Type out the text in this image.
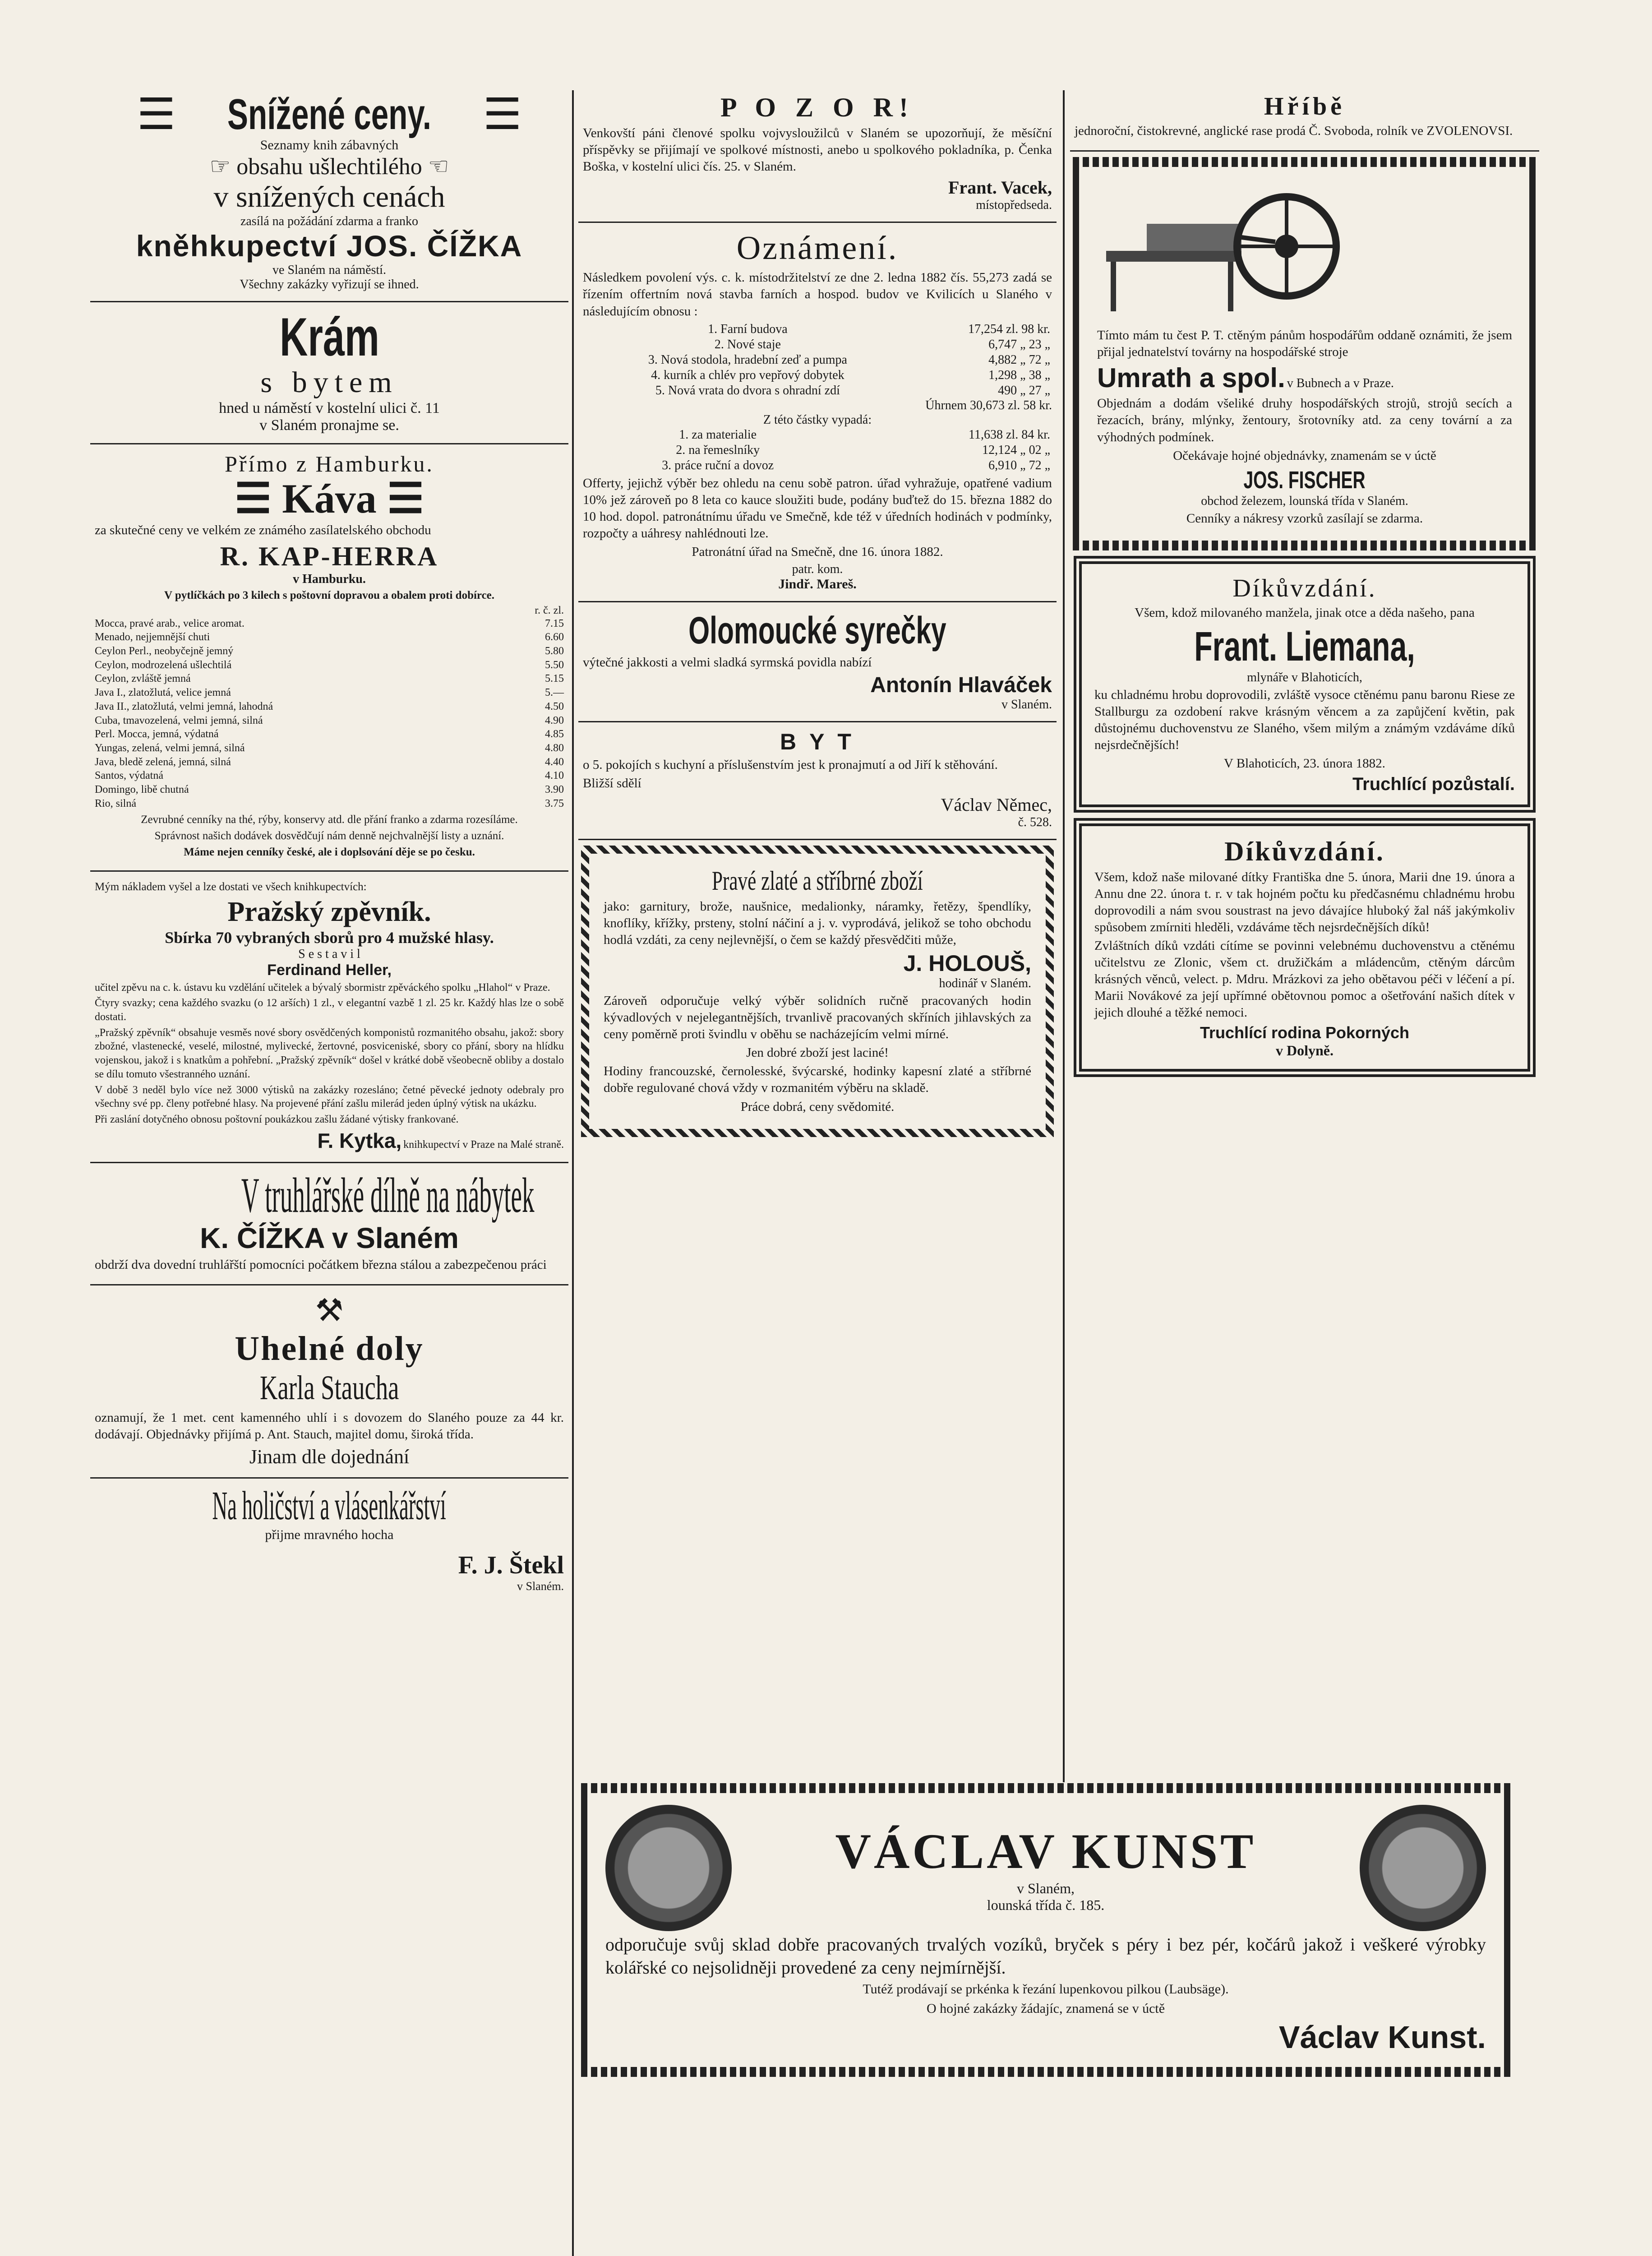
☰ Snížené ceny. ☰
Seznamy knih zábavných
☞ obsahu ušlechtilého ☜
v snížených cenách
zasílá na požádání zdarma a franko
kněhkupectví JOS. ČÍŽKA
ve Slaném na náměstí.
Všechny zakázky vyřizují se ihned.
Krám
s bytem
hned u náměstí v kostelní ulici č. 11
v Slaném pronajme se.
Přímo z Hamburku.
☰ Káva ☰
za skutečné ceny ve velkém ze známého zasílatelského obchodu
R. KAP-HERRA
v Hamburku.
V pytlíčkách po 3 kilech s poštovní dopravou a obalem proti dobírce.
r. č. zl.
Mocca, pravé arab., velice aromat.	7.15
Menado, nejjemnější chuti	6.60
Ceylon Perl., neobyčejně jemný	5.80
Ceylon, modrozelená ušlechtilá	5.50
Ceylon, zvláště jemná	5.15
Java I., zlatožlutá, velice jemná	5.—
Java II., zlatožlutá, velmi jemná, lahodná	4.50
Cuba, tmavozelená, velmi jemná, silná	4.90
Perl. Mocca, jemná, výdatná	4.85
Yungas, zelená, velmi jemná, silná	4.80
Java, bledě zelená, jemná, silná	4.40
Santos, výdatná	4.10
Domingo, libě chutná	3.90
Rio, silná	3.75
Zevrubné cenníky na thé, rýby, konservy atd. dle přání franko a zdarma rozesíláme.
Správnost našich dodávek dosvědčují nám denně nejchvalnější listy a uznání.
Máme nejen cenníky české, ale i doplsování děje se po česku.
Mým nákladem vyšel a lze dostati ve všech knihkupectvích:
Pražský zpěvník.
Sbírka 70 vybraných sborů pro 4 mužské hlasy.
S e s t a v i l
Ferdinand Heller,
učitel zpěvu na c. k. ústavu ku vzdělání učitelek a bývalý sbormistr zpěváckého spolku „Hlahol“ v Praze.
Čtyry svazky; cena každého svazku (o 12 arších) 1 zl., v elegantní vazbě 1 zl. 25 kr. Každý hlas lze o sobě dostati.
„Pražský zpěvník“ obsahuje vesměs nové sbory osvědčených komponistů rozmanitého obsahu, jakož: sbory zbožné, vlastenecké, veselé, milostné, mylivecké, žertovné, posviceniské, sbory co přání, sbory na hlídku vojenskou, jakož i s knatkům a pohřební. „Pražský zpěvník“ došel v krátké době všeobecně obliby a dostalo se dílu tomuto všestranného uznání.
V době 3 neděl bylo více než 3000 výtisků na zakázky rozesláno; četné pěvecké jednoty odebraly pro všechny své pp. členy potřebné hlasy. Na projevené přání zašlu milerád jeden úplný výtisk na ukázku.
Při zaslání dotyčného obnosu poštovní poukázkou zašlu žádané výtisky frankované.
F. Kytka, knihkupectví v Praze na Malé straně.
V truhlářské dílně na nábytek
K. ČÍŽKA v Slaném
obdrží dva dovední truhlářští pomocníci počátkem března stálou a zabezpečenou práci
⚒
Uhelné doly
Karla Staucha
oznamují, že 1 met. cent kamenného uhlí i s dovozem do Slaného pouze za 44 kr. dodávají. Objednávky přijímá p. Ant. Stauch, majitel domu, široká třída.
Jinam dle dojednání
Na holičství a vlásenkářství
přijme mravného hocha
F. J. Štekl
v Slaném.
P O Z O R!
Venkovští páni členové spolku vojvysloužilců v Slaném se upozorňují, že měsíční příspěvky se přijímají ve spolkové místnosti, anebo u spolkového pokladníka, p. Čenka Boška, v kostelní ulici čís. 25. v Slaném.
Frant. Vacek,
místopředseda.
Oznámení.
Následkem povolení výs. c. k. místodržitelství ze dne 2. ledna 1882 čís. 55,273 zadá se řízením offertním nová stavba farních a hospod. budov ve Kvilicích u Slaného v následujícím obnosu :
1. Farní budova	17,254 zl. 98 kr.
2. Nové staje	6,747 „ 23 „
3. Nová stodola, hradební zeď a pumpa	4,882 „ 72 „
4. kurník a chlév pro vepřový dobytek	1,298 „ 38 „
5. Nová vrata do dvora s ohradní zdí	490 „ 27 „
Úhrnem 30,673 zl. 58 kr.
Z této částky vypadá:
1. za materialie	11,638 zl. 84 kr.
2. na řemeslníky	12,124 „ 02 „
3. práce ruční a dovoz	6,910 „ 72 „
Offerty, jejichž výběr bez ohledu na cenu sobě patron. úřad vyhražuje, opatřené vadium 10% jež zároveň po 8 leta co kauce sloužiti bude, podány buďtež do 15. března 1882 do 10 hod. dopol. patronátnímu úřadu ve Smečně, kde též v úředních hodinách v podmínky, rozpočty a uáhresy nahlédnouti lze.
Patronátní úřad na Smečně, dne 16. února 1882.
patr. kom.
Jindř. Mareš.
Olomoucké syrečky
výtečné jakkosti a velmi sladká syrmská povidla nabízí
Antonín Hlaváček
v Slaném.
B Y T
o 5. pokojích s kuchyní a příslušenstvím jest k pronajmutí a od Jiří k stěhování.
Bližší sdělí
Václav Němec,
č. 528.
Pravé zlaté a stříbrné zboží
jako: garnitury, brože, naušnice, medalionky, náramky, řetězy, špendlíky, knoflíky, křížky, prsteny, stolní náčiní a j. v. vyprodává, jelikož se toho obchodu hodlá vzdáti, za ceny nejlevnější, o čem se každý přesvědčiti může,
J. HOLOUŠ,
hodinář v Slaném.
Zároveň odporučuje velký výběr solidních ručně pracovaných hodin kývadlových v nejelegantnějších, trvanlivě pracovaných skříních jihlavských za ceny poměrně proti švindlu v oběhu se nacházejícím velmi mírné.
Jen dobré zboží jest laciné!
Hodiny francouzské, černolesské, švýcarské, hodinky kapesní zlaté a stříbrné dobře regulované chová vždy v rozmanitém výběru na skladě.
Práce dobrá, ceny svědomité.
Hříbě
jednoroční, čistokrevné, anglické rase prodá Č. Svoboda, rolník ve ZVOLENOVSI.
Tímto mám tu čest P. T. ctěným pánům hospodářům oddaně oznámiti, že jsem přijal jednatelství továrny na hospodářské stroje
Umrath a spol. v Bubnech a v Praze.
Objednám a dodám všeliké druhy hospodářských strojů, strojů secích a řezacích, brány, mlýnky, žentoury, šrotovníky atd. za ceny tovární a za výhodných podmínek.
Očekávaje hojné objednávky, znamenám se v úctě
JOS. FISCHER
obchod železem, lounská třída v Slaném.
Cenníky a nákresy vzorků zasílají se zdarma.
Díkůvzdání.
Všem, kdož milovaného manžela, jinak otce a děda našeho, pana
Frant. Liemana,
mlynáře v Blahoticích,
ku chladnému hrobu doprovodili, zvláště vysoce ctěnému panu baronu Riese ze Stallburgu za ozdobení rakve krásným věncem a za zapůjčení květin, pak důstojnému duchovenstvu ze Slaného, všem milým a známým vzdáváme díků nejsrdečnějších!
V Blahoticích, 23. února 1882.
Truchlící pozůstalí.
Díkůvzdání.
Všem, kdož naše milované dítky Františka dne 5. února, Marii dne 19. února a Annu dne 22. února t. r. v tak hojném počtu ku předčasnému chladnému hrobu doprovodili a nám svou soustrast na jevo dávajíce hluboký žal náš jakýmkoliv spůsobem zmírniti hleděli, vzdáváme těch nejsrdečnějších díků!
Zvláštních díků vzdáti cítíme se povinni velebnému duchovenstvu a ctěnému učitelstvu ze Zlonic, všem ct. družičkám a mládencům, ctěným dárcům krásných věnců, velect. p. Mdru. Mrázkovi za jeho obětavou péči v léčení a pí. Marii Novákové za její upřímné obětovnou pomoc a ošetřování našich dítek v jejich dlouhé a těžké nemoci.
Truchlící rodina Pokorných
v Dolyně.
VÁCLAV KUNST
v Slaném,
lounská třída č. 185.
odporučuje svůj sklad dobře pracovaných trvalých vozíků, bryček s péry i bez pér, kočárů jakož i veškeré výrobky kolářské co nejsolidněji provedené za ceny nejmírnější.
Tutéž prodávají se prkénka k řezání lupenkovou pilkou (Laubsäge).
O hojné zakázky žádajíc, znamená se v úctě
Václav Kunst.
